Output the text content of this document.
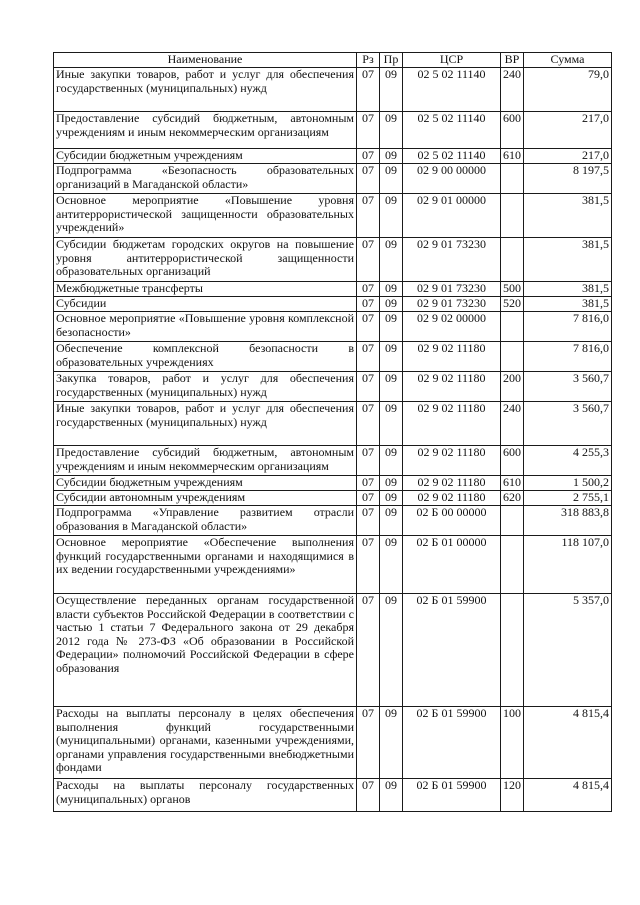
Наименование	Рз	Пр	ЦСР	ВР	Сумма
Иные закупки товаров, работ и услуг для обеспечения государственных (муниципальных) нужд	07	09	02 5 02 11140	240	79,0
Предоставление субсидий бюджетным, автономным учреждениям и иным некоммерческим организациям	07	09	02 5 02 11140	600	217,0
Субсидии бюджетным учреждениям	07	09	02 5 02 11140	610	217,0
Подпрограмма «Безопасность образовательных организаций в Магаданской области»	07	09	02 9 00 00000		8 197,5
Основное мероприятие «Повышение уровня антитеррористической защищенности образовательных учреждений»	07	09	02 9 01 00000		381,5
Субсидии бюджетам городских округов на повышение уровня антитеррористической защищенности образовательных организаций	07	09	02 9 01 73230		381,5
Межбюджетные трансферты	07	09	02 9 01 73230	500	381,5
Субсидии	07	09	02 9 01 73230	520	381,5
Основное мероприятие «Повышение уровня комплексной безопасности»	07	09	02 9 02 00000		7 816,0
Обеспечение комплексной безопасности в образовательных учреждениях	07	09	02 9 02 11180		7 816,0
Закупка товаров, работ и услуг для обеспечения государственных (муниципальных) нужд	07	09	02 9 02 11180	200	3 560,7
Иные закупки товаров, работ и услуг для обеспечения государственных (муниципальных) нужд	07	09	02 9 02 11180	240	3 560,7
Предоставление субсидий бюджетным, автономным учреждениям и иным некоммерческим организациям	07	09	02 9 02 11180	600	4 255,3
Субсидии бюджетным учреждениям	07	09	02 9 02 11180	610	1 500,2
Субсидии автономным учреждениям	07	09	02 9 02 11180	620	2 755,1
Подпрограмма «Управление развитием отрасли образования в Магаданской области»	07	09	02 Б 00 00000		318 883,8
Основное мероприятие «Обеспечение выполнения функций государственными органами и находящимися в их ведении государственными учреждениями»	07	09	02 Б 01 00000		118 107,0
Осуществление переданных органам государственной власти субъектов Российской Федерации в соответствии с частью 1 статьи 7 Федерального закона от 29 декабря 2012 года № 273-ФЗ «Об образовании в Российской Федерации» полномочий Российской Федерации в сфере образования	07	09	02 Б 01 59900		5 357,0
Расходы на выплаты персоналу в целях обеспечения выполнения функций государственными (муниципальными) органами, казенными учреждениями, органами управления государственными внебюджетными фондами	07	09	02 Б 01 59900	100	4 815,4
Расходы на выплаты персоналу государственных (муниципальных) органов	07	09	02 Б 01 59900	120	4 815,4
